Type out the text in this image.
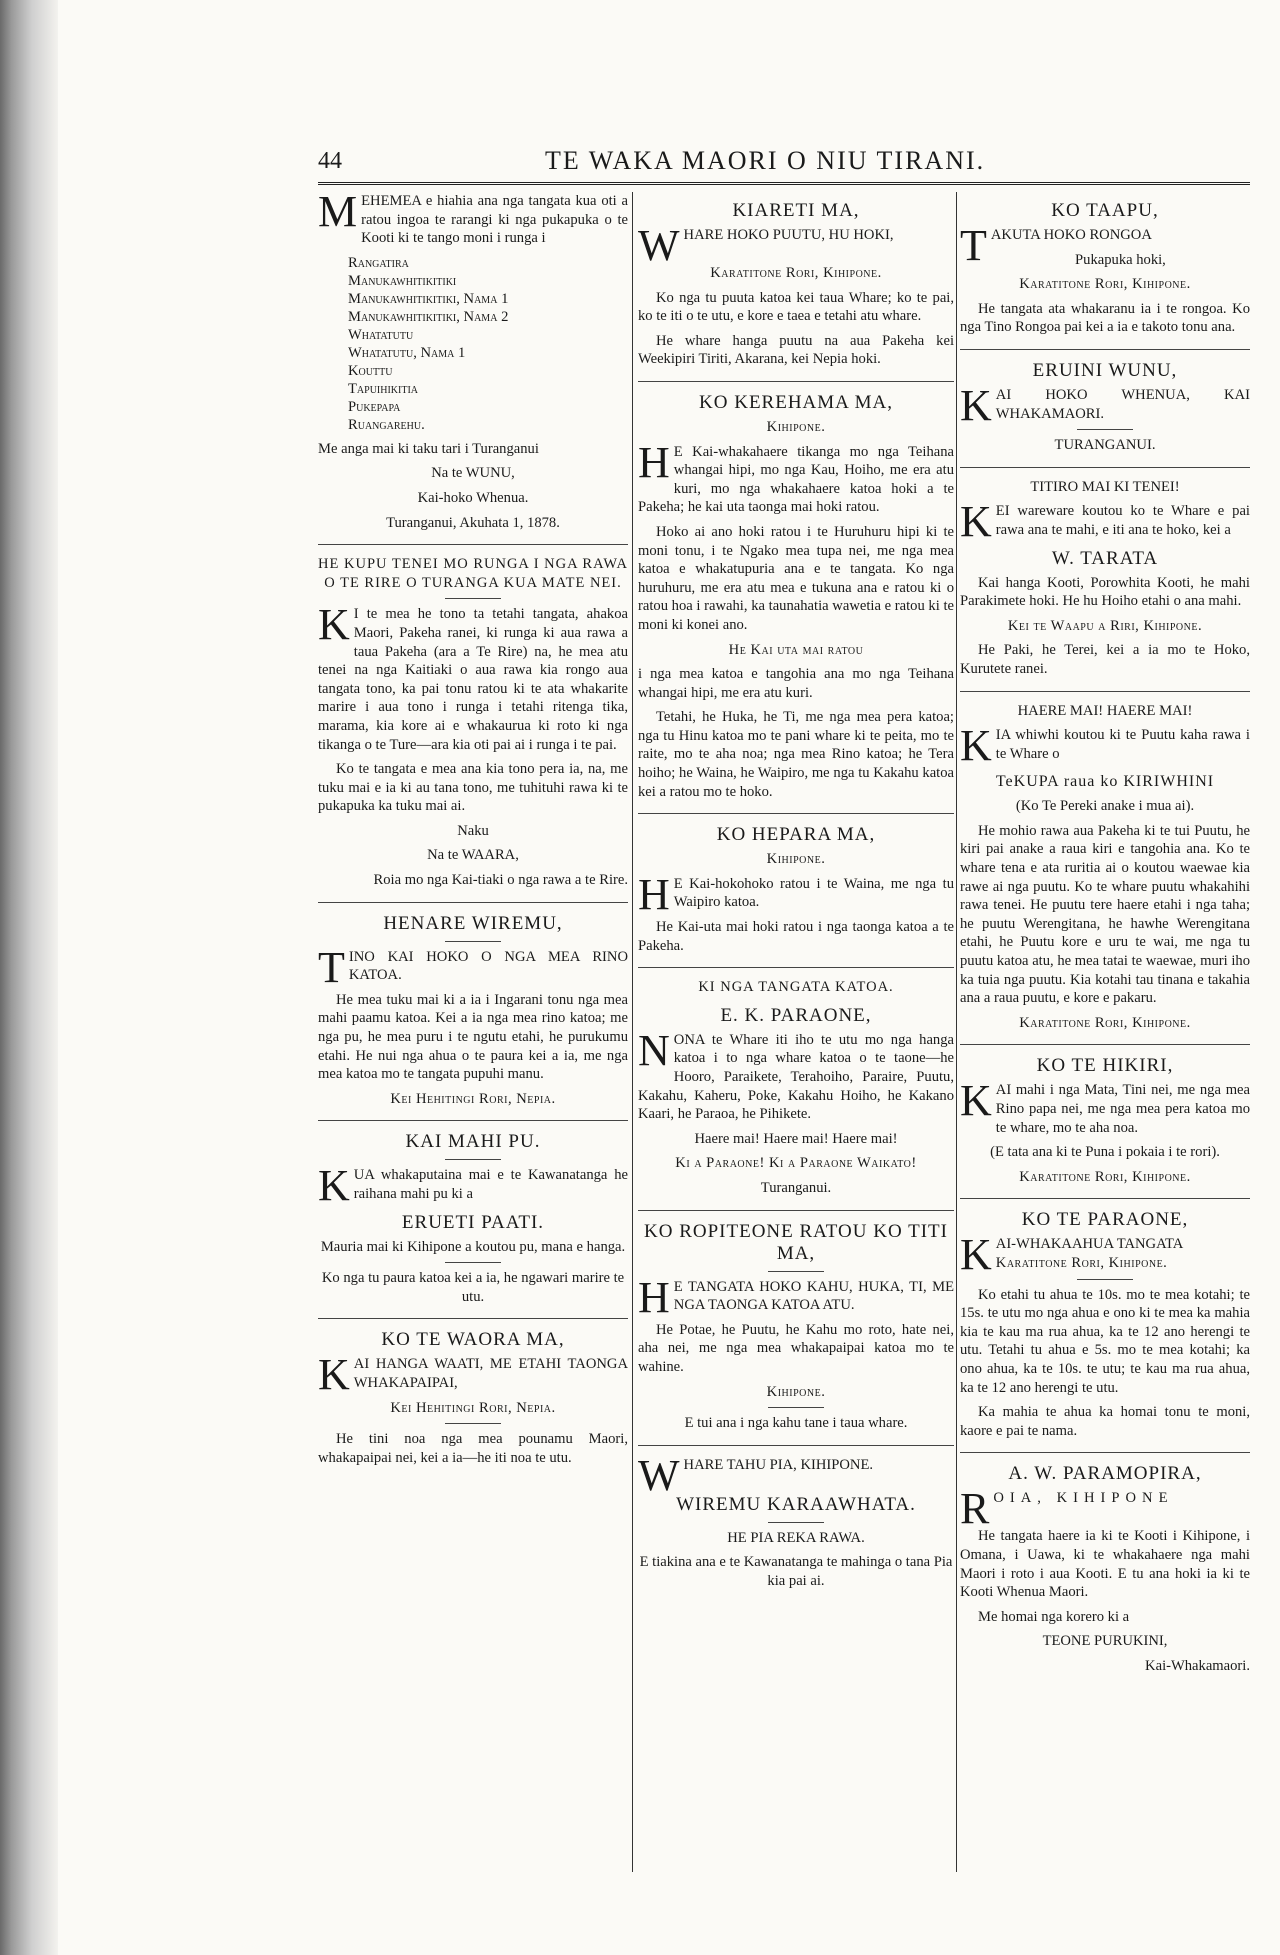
44	TE WAKA MAORI O NIU TIRANI.

MEHEMEA e hiahia ana nga tangata kua oti a ratou ingoa te rarangi ki nga pukapuka o te Kooti ki te tango moni i runga i

Rangatira
Manukawhitikitiki
Manukawhitikitiki, Nama 1
Manukawhitikitiki, Nama 2
Whatatutu
Whatatutu, Nama 1
Kouttu
Tapuihikitia
Pukepapa
Ruangarehu.

Me anga mai ki taku tari i Turanganui

Na te WUNU,

Kai-hoko Whenua.

Turanganui, Akuhata 1, 1878.

HE KUPU TENEI MO RUNGA I NGA RAWA O TE RIRE O TURANGA KUA MATE NEI.

K I te mea he tono ta tetahi tangata, ahakoa Maori, Pakeha ranei, ki runga ki aua rawa a taua Pakeha (ara a Te Rire) na, he mea atu tenei na nga Kaitiaki o aua rawa kia rongo aua tangata tono, ka pai tonu ratou ki te ata whakarite marire i aua tono i runga i tetahi ritenga tika, marama, kia kore ai e whakaurua ki roto ki nga tikanga o te Ture—ara kia oti pai ai i runga i te pai.

Ko te tangata e mea ana kia tono pera ia, na, me tuku mai e ia ki au tana tono, me tuhituhi rawa ki te pukapuka ka tuku mai ai.

Naku

Na te WAARA,

Roia mo nga Kai-tiaki o nga rawa a te Rire.

HENARE WIREMU,

TINO KAI HOKO O NGA MEA RINO KATOA.

He mea tuku mai ki a ia i Ingarani tonu nga mea mahi paamu katoa. Kei a ia nga mea rino katoa; me nga pu, he mea puru i te ngutu etahi, he purukumu etahi. He nui nga ahua o te paura kei a ia, me nga mea katoa mo te tangata pupuhi manu.

Kei Hehitingi Rori, Nepia.

KAI MAHI PU.

KUA whakaputaina mai e te Kawanatanga he raihana mahi pu ki a

ERUETI PAATI.

Mauria mai ki Kihipone a koutou pu, mana e hanga.

Ko nga tu paura katoa kei a ia, he ngawari marire te utu.

KO TE WAORA MA,

KAI HANGA WAATI, ME ETAHI TAONGA WHAKAPAIPAI,

Kei Hehitingi Rori, Nepia.

He tini noa nga mea pounamu Maori, whakapaipai nei, kei a ia—he iti noa te utu.

KIARETI MA,

WHARE HOKO PUUTU, HU HOKI,

Karatitone Rori, Kihipone.

Ko nga tu puuta katoa kei taua Whare; ko te pai, ko te iti o te utu, e kore e taea e tetahi atu whare.

He whare hanga puutu na aua Pakeha kei Weekipiri Tiriti, Akarana, kei Nepia hoki.

KO KEREHAMA MA,

Kihipone.

H E Kai-whakahaere tikanga mo nga Teihana whangai hipi, mo nga Kau, Hoiho, me era atu kuri, mo nga whakahaere katoa hoki a te Pakeha; he kai uta taonga mai hoki ratou.

Hoko ai ano hoki ratou i te Huruhuru hipi ki te moni tonu, i te Ngako mea tupa nei, me nga mea katoa e whakatupuria ana e te tangata. Ko nga huruhuru, me era atu mea e tukuna ana e ratou ki o ratou hoa i rawahi, ka taunahatia wawetia e ratou ki te moni ki konei ano.

He Kai uta mai ratou

i nga mea katoa e tangohia ana mo nga Teihana whangai hipi, me era atu kuri.

Tetahi, he Huka, he Ti, me nga mea pera katoa; nga tu Hinu katoa mo te pani whare ki te peita, mo te raite, mo te aha noa; nga mea Rino katoa; he Tera hoiho; he Waina, he Waipiro, me nga tu Kakahu katoa kei a ratou mo te hoko.

KO HEPARA MA,

Kihipone.

H E Kai-hokohoko ratou i te Waina, me nga tu Waipiro katoa.

He Kai-uta mai hoki ratou i nga taonga katoa a te Pakeha.

KI NGA TANGATA KATOA.
E. K. PARAONE,

NONA te Whare iti iho te utu mo nga hanga katoa i to nga whare katoa o te taone—he Hooro, Paraikete, Terahoiho, Paraire, Puutu, Kakahu, Kaheru, Poke, Kakahu Hoiho, he Kakano Kaari, he Paraoa, he Pihikete.

Haere mai! Haere mai! Haere mai!

Ki a Paraone! Ki a Paraone Waikato!

Turanganui.

KO ROPITEONE RATOU KO TITI MA,

H E TANGATA HOKO KAHU, HUKA, TI, ME NGA TAONGA KATOA ATU.

He Potae, he Puutu, he Kahu mo roto, hate nei, aha nei, me nga mea whakapaipai katoa mo te wahine.

Kihipone.

E tui ana i nga kahu tane i taua whare.

WHARE TAHU PIA, KIHIPONE.

WIREMU KARAAWHATA.

HE PIA REKA RAWA.

E tiakina ana e te Kawanatanga te mahinga o tana Pia kia pai ai.

KO TAAPU,

TAKUTA HOKO RONGOA

Pukapuka hoki,

Karatitone Rori, Kihipone.

He tangata ata whakaranu ia i te rongoa. Ko nga Tino Rongoa pai kei a ia e takoto tonu ana.

ERUINI WUNU,

KAI HOKO WHENUA, KAI WHAKAMAORI.

TURANGANUI.

TITIRO MAI KI TENEI!

KEI wareware koutou ko te Whare e pai rawa ana te mahi, e iti ana te hoko, kei a

W. TARATA

Kai hanga Kooti, Porowhita Kooti, he mahi Parakimete hoki. He hu Hoiho etahi o ana mahi.

Kei te Waapu a Riri, Kihipone.

He Paki, he Terei, kei a ia mo te Hoko, Kurutete ranei.

HAERE MAI! HAERE MAI!

KIA whiwhi koutou ki te Puutu kaha rawa i te Whare o

TeKUPA raua ko KIRIWHINI

(Ko Te Pereki anake i mua ai).

He mohio rawa aua Pakeha ki te tui Puutu, he kiri pai anake a raua kiri e tangohia ana. Ko te whare tena e ata ruritia ai o koutou waewae kia rawe ai nga puutu. Ko te whare puutu whakahihi rawa tenei. He puutu tere haere etahi i nga taha; he puutu Werengitana, he hawhe Werengitana etahi, he Puutu kore e uru te wai, me nga tu puutu katoa atu, he mea tatai te waewae, muri iho ka tuia nga puutu. Kia kotahi tau tinana e takahia ana a raua puutu, e kore e pakaru.

Karatitone Rori, Kihipone.

KO TE HIKIRI,

KAI mahi i nga Mata, Tini nei, me nga mea Rino papa nei, me nga mea pera katoa mo te whare, mo te aha noa.

(E tata ana ki te Puna i pokaia i te rori).

Karatitone Rori, Kihipone.

KO TE PARAONE,

KAI-WHAKAAHUA TANGATA
Karatitone Rori, Kihipone.

Ko etahi tu ahua te 10s. mo te mea kotahi; te 15s. te utu mo nga ahua e ono ki te mea ka mahia kia te kau ma rua ahua, ka te 12 ano herengi te utu. Tetahi tu ahua e 5s. mo te mea kotahi; ka ono ahua, ka te 10s. te utu; te kau ma rua ahua, ka te 12 ano herengi te utu.

Ka mahia te ahua ka homai tonu te moni, kaore e pai te nama.

A. W. PARAMOPIRA,

ROIA, KIHIPONE

He tangata haere ia ki te Kooti i Kihipone, i Omana, i Uawa, ki te whakahaere nga mahi Maori i roto i aua Kooti. E tu ana hoki ia ki te Kooti Whenua Maori.

Me homai nga korero ki a

TEONE PURUKINI,

Kai-Whakamaori.
